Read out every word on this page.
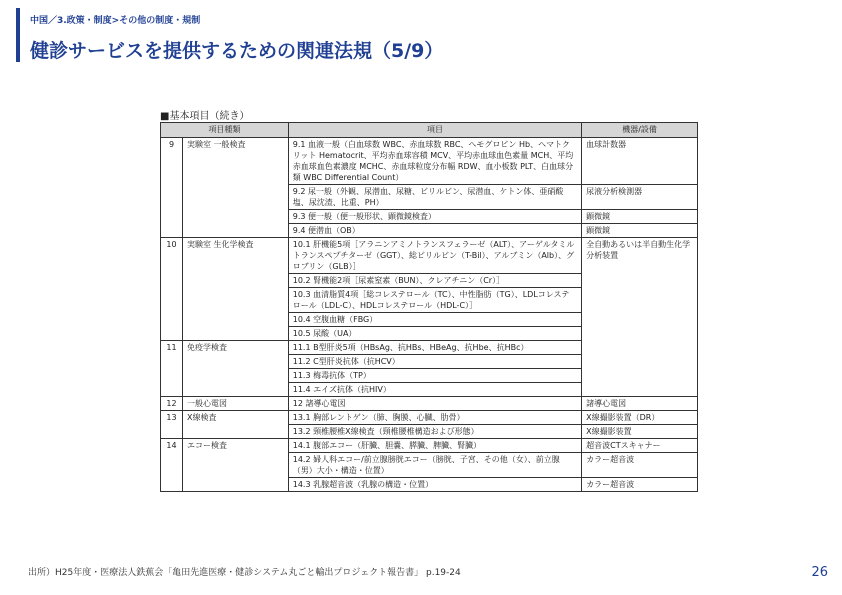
中国／3.政策・制度>その他の制度・規制
健診サービスを提供するための関連法規（5/9）
■基本項目（続き）
項目種類		項目	機器/設備
9	実験室 一般検査	9.1 血液一般（白血球数 WBC、赤血球数 RBC、ヘモグロビン Hb、ヘマトクリット Hematocrit、平均赤血球容積 MCV、平均赤血球血色素量 MCH、平均赤血球血色素濃度 MCHC、赤血球粒度分布幅 RDW、血小板数 PLT、白血球分類 WBC Differential Count）	血球計数器
		9.2 尿一般（外観、尿潜血、尿糖、ビリルビン、尿潜血、ケトン体、亜硝酸塩、尿沈渣、比重、PH）	尿液分析検測器
		9.3 便一般（便一般形状、顕微鏡検査）	顕微鏡
		9.4 便潜血（OB）	顕微鏡
10	実験室 生化学検査	10.1 肝機能5項［アラニンアミノトランスフェラーゼ（ALT）、アーゲルタミルトランスペプチターゼ（GGT）、総ビリルビン（T-Bil）、アルブミン（Alb）、グロブリン（GLB）］	全自動あるいは半自動生化学分析装置
		10.2 腎機能2項［尿素窒素（BUN）、クレアチニン（Cr）］	
		10.3 血清脂質4項［総コレステロール（TC）、中性脂肪（TG）、LDLコレステロール（LDL-C）、HDLコレステロール（HDL-C）］	
		10.4 空腹血糖（FBG）	
		10.5 尿酸（UA）	
11	免疫学検査	11.1 B型肝炎5項（HBsAg、抗HBs、HBeAg、抗Hbe、抗HBc）	
		11.2 C型肝炎抗体（抗HCV）	
		11.3 梅毒抗体（TP）	
		11.4 エイズ抗体（抗HIV）	
12	一般心電図	12 諸導心電図	諸導心電図
13	X線検査	13.1 胸部レントゲン（肺、胸膜、心臓、肋骨）	X線撮影装置（DR）
		13.2 頸椎腰椎X線検査（頸椎腰椎構造および形態）	X線撮影装置
14	エコー検査	14.1 腹部エコー（肝臓、胆嚢、膵臓、脾臓、腎臓）	超音波CTスキャナー
		14.2 婦人科エコー/前立腺膀胱エコー（膀胱、子宮、その他（女）、前立腺（男）大小・構造・位置）	カラー超音波
		14.3 乳腺超音波（乳腺の構造・位置）	カラー超音波
出所）H25年度・医療法人鉄蕉会「亀田先進医療・健診システム丸ごと輸出プロジェクト報告書」 p.19-24	26
